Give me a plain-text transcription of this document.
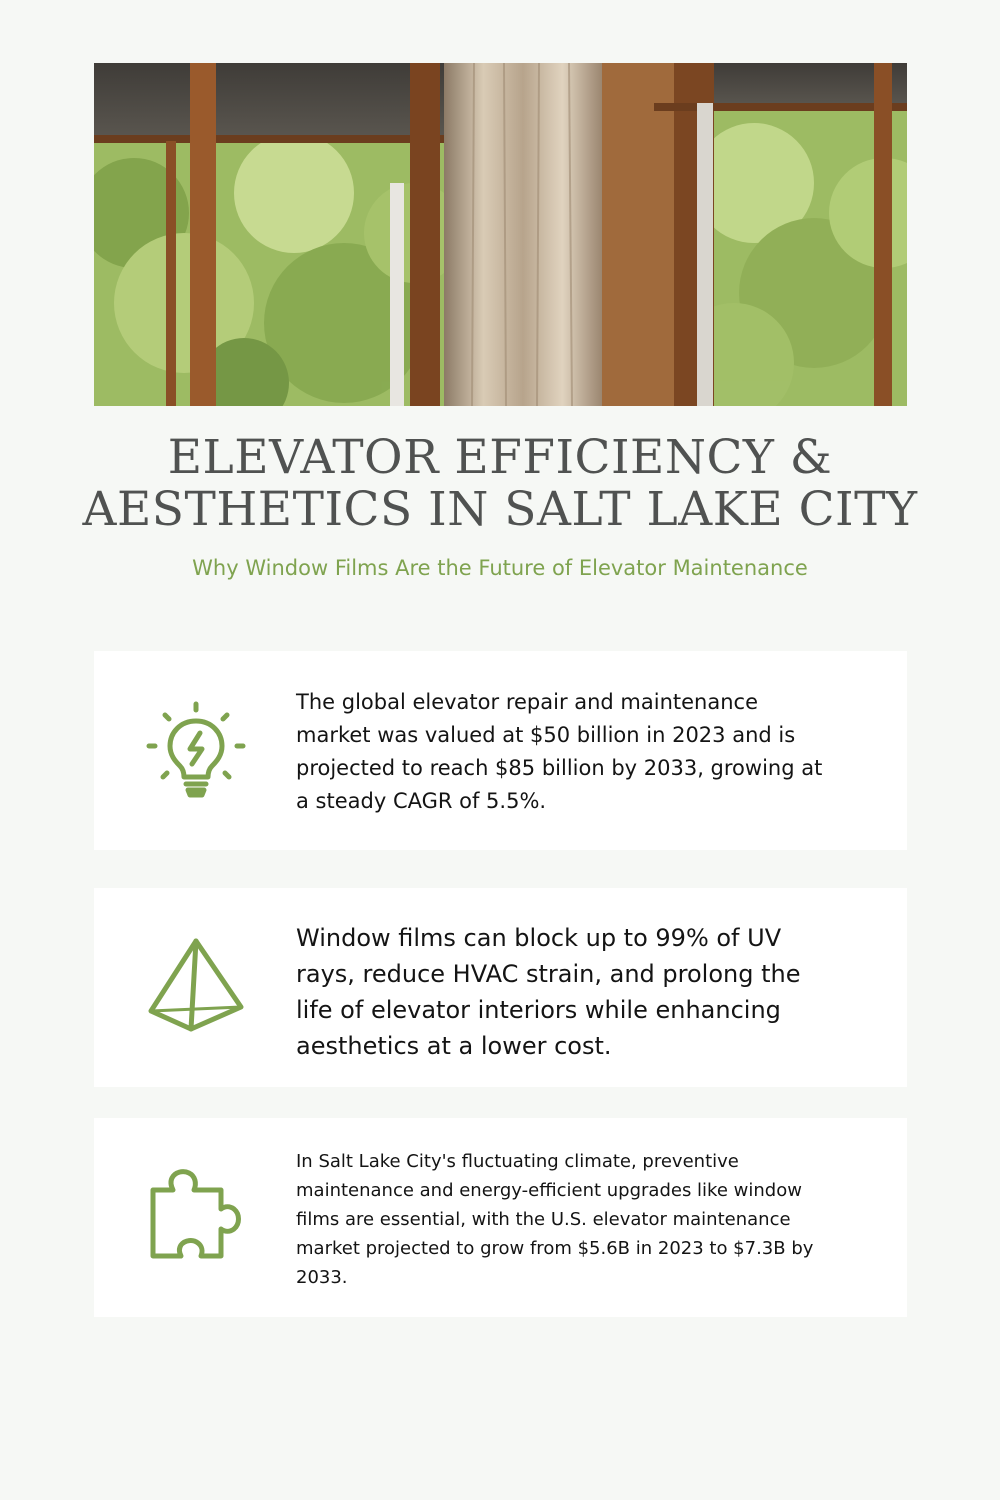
ELEVATOR EFFICIENCY &
AESTHETICS IN SALT LAKE CITY

Why Window Films Are the Future of Elevator Maintenance

The global elevator repair and maintenance market was valued at $50 billion in 2023 and is projected to reach $85 billion by 2033, growing at a steady CAGR of 5.5%.

Window films can block up to 99% of UV rays, reduce HVAC strain, and prolong the life of elevator interiors while enhancing aesthetics at a lower cost.

In Salt Lake City's fluctuating climate, preventive maintenance and energy-efficient upgrades like window films are essential, with the U.S. elevator maintenance market projected to grow from $5.6B in 2023 to $7.3B by 2033.
